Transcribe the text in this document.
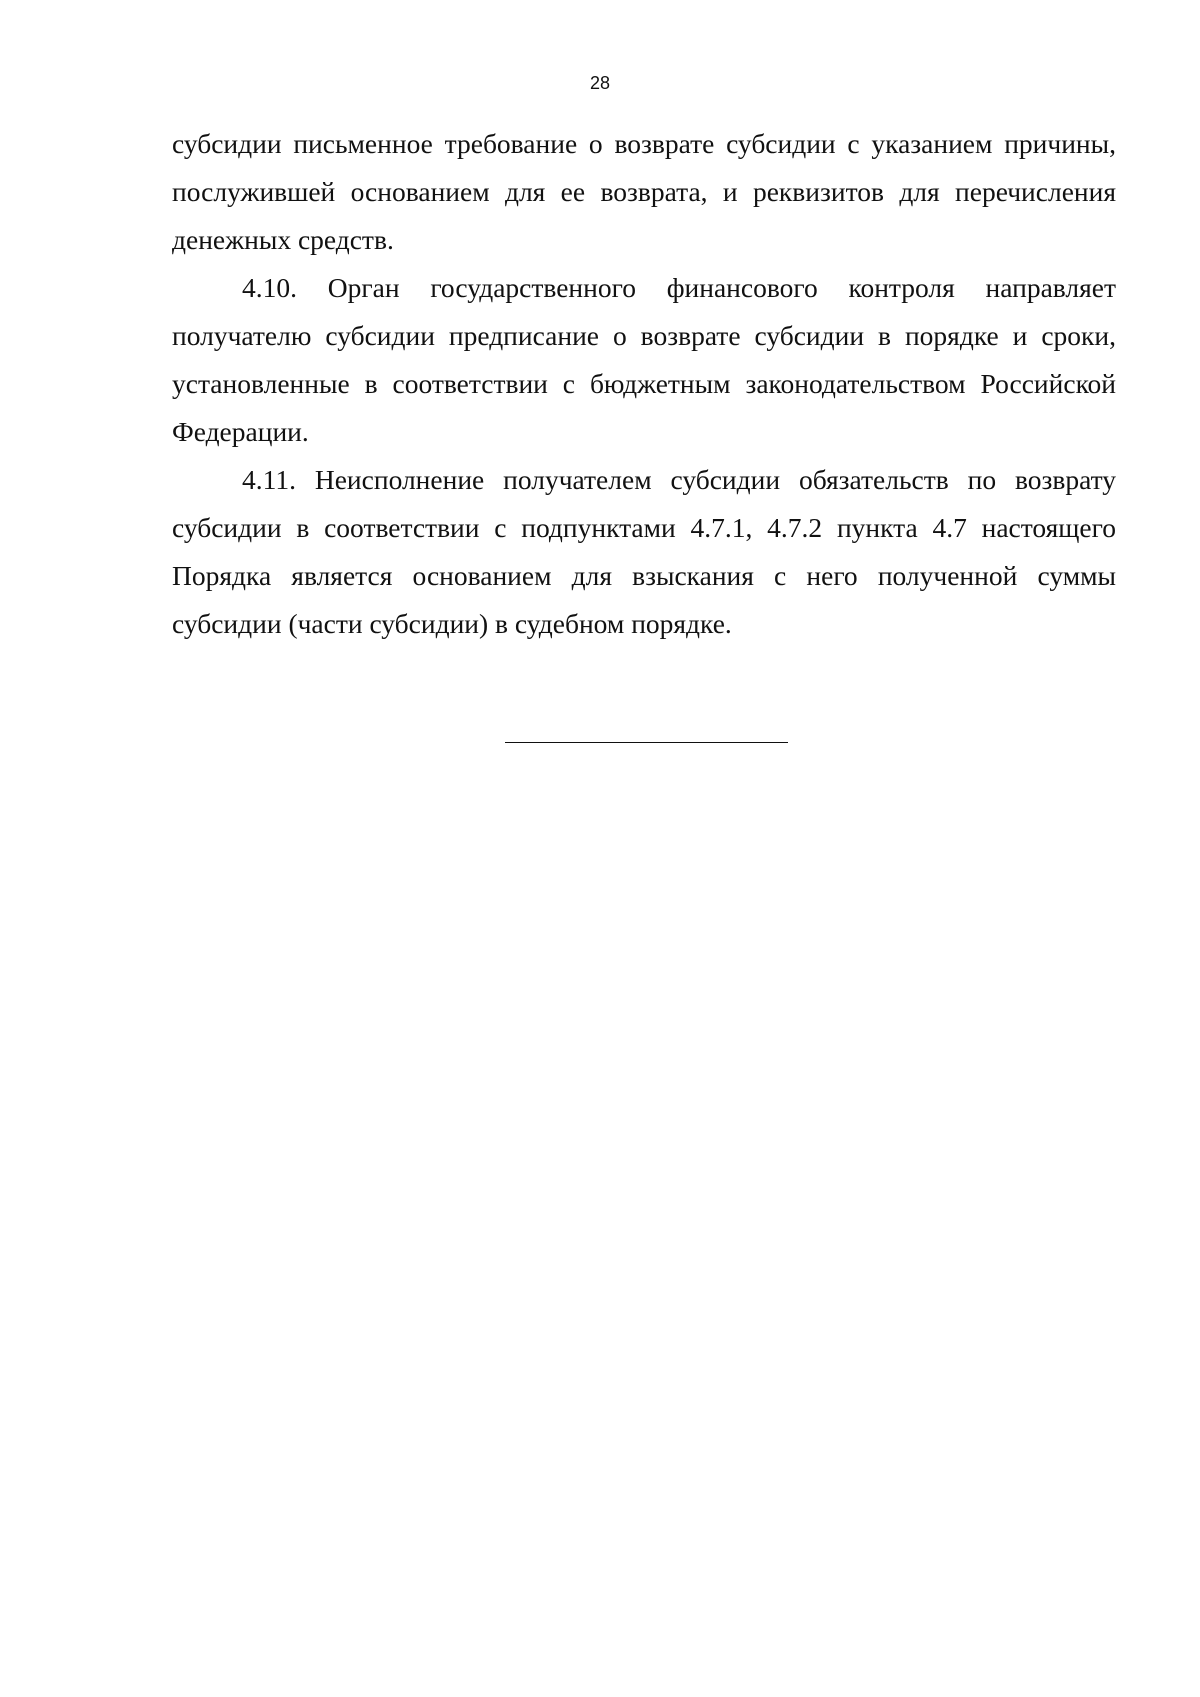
28

субсидии письменное требование о возврате субсидии с указанием причины, послужившей основанием для ее возврата, и реквизитов для перечисления денежных средств.

4.10. Орган государственного финансового контроля направляет получателю субсидии предписание о возврате субсидии в порядке и сроки, установленные в соответствии с бюджетным законодательством Российской Федерации.

4.11. Неисполнение получателем субсидии обязательств по возврату субсидии в соответствии с подпунктами 4.7.1, 4.7.2 пункта 4.7 настоящего Порядка является основанием для взыскания с него полученной суммы субсидии (части субсидии) в судебном порядке.
